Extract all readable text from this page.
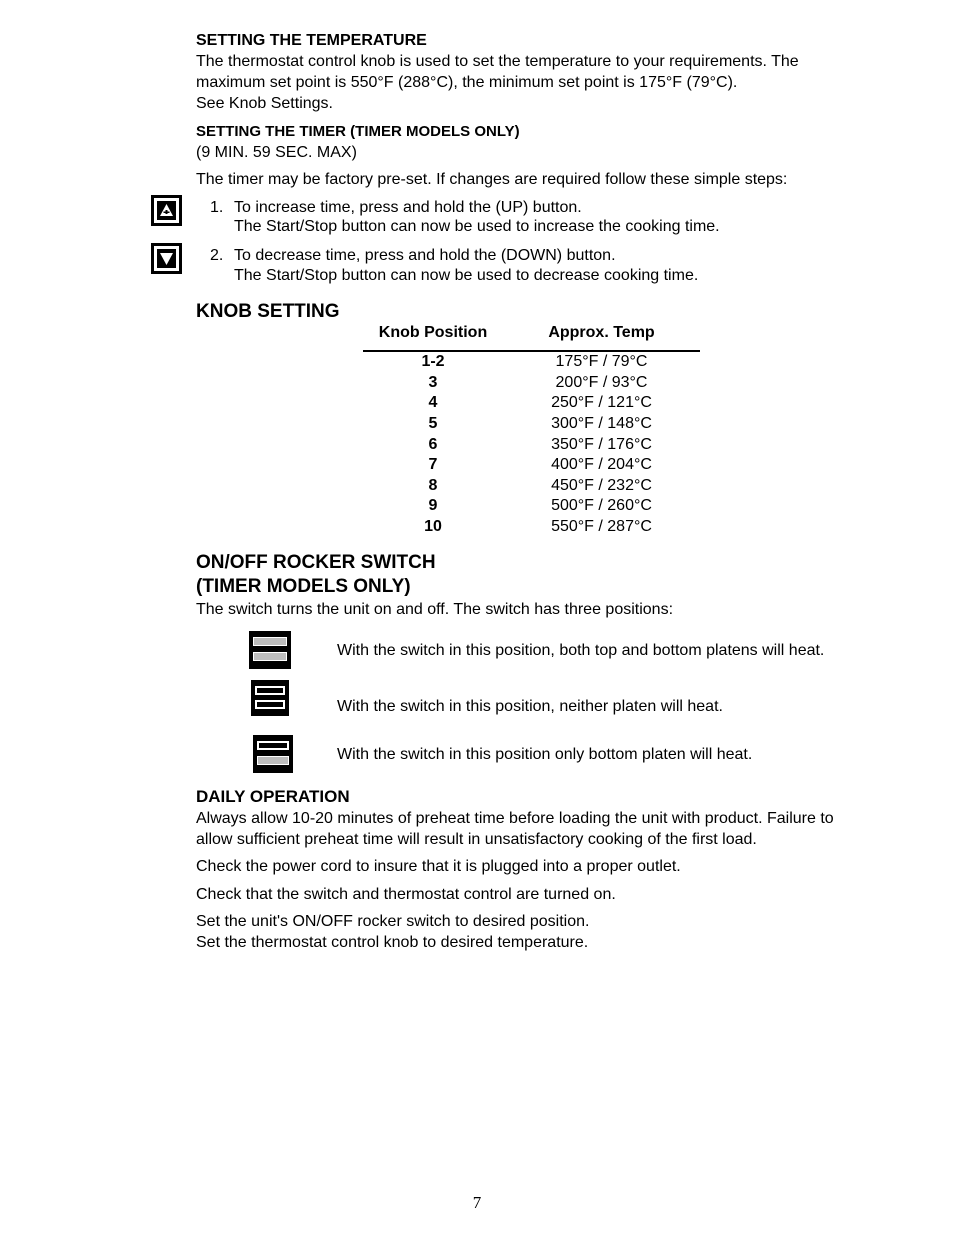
SETTING THE TEMPERATURE
The thermostat control knob is used to set the temperature to your requirements. The
maximum set point is 550°F (288°C), the minimum set point is 175°F (79°C).
See Knob Settings.
SETTING THE TIMER (TIMER MODELS ONLY)
(9 MIN. 59 SEC. MAX)
The timer may be factory pre-set. If changes are required follow these simple steps:
1. To increase time, press and hold the (UP) button.
The Start/Stop button can now be used to increase the cooking time.
2. To decrease time, press and hold the (DOWN) button.
The Start/Stop button can now be used to decrease cooking time.
KNOB SETTING
Knob Position	Approx. Temp
1-2	175°F / 79°C
3	200°F / 93°C
4	250°F / 121°C
5	300°F / 148°C
6	350°F / 176°C
7	400°F / 204°C
8	450°F / 232°C
9	500°F / 260°C
10	550°F / 287°C
ON/OFF ROCKER SWITCH
(TIMER MODELS ONLY)
The switch turns the unit on and off. The switch has three positions:
With the switch in this position, both top and bottom platens will heat.
With the switch in this position, neither platen will heat.
With the switch in this position only bottom platen will heat.
DAILY OPERATION
Always allow 10-20 minutes of preheat time before loading the unit with product. Failure to
allow sufficient preheat time will result in unsatisfactory cooking of the first load.
Check the power cord to insure that it is plugged into a proper outlet.
Check that the switch and thermostat control are turned on.
Set the unit's ON/OFF rocker switch to desired position.
Set the thermostat control knob to desired temperature.
7
